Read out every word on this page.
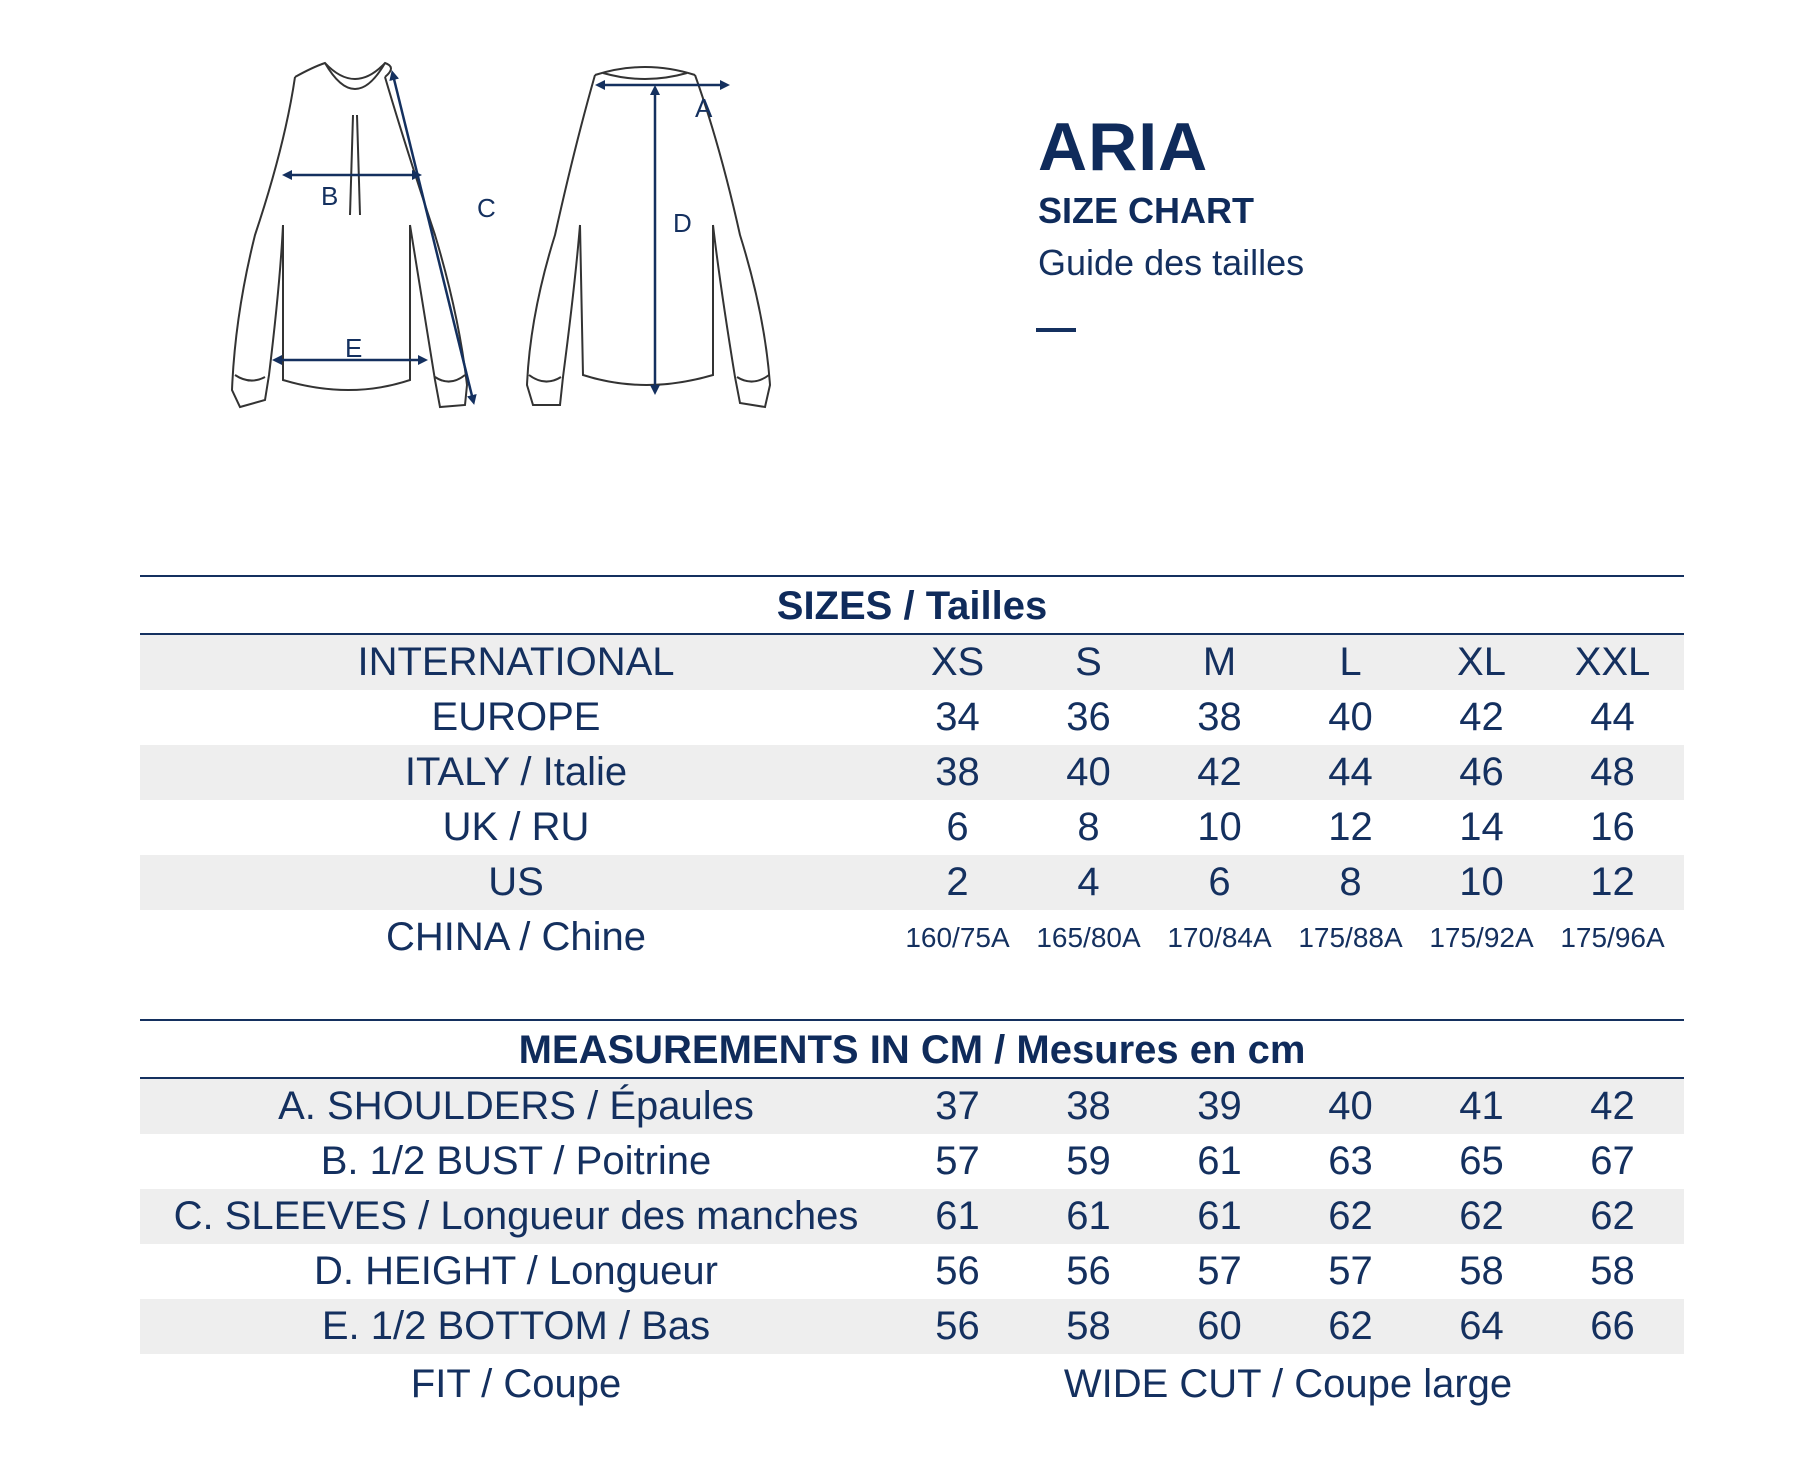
A
B	C	D
E
ARIA
SIZE CHART
Guide des tailles
SIZES / Tailles
INTERNATIONAL	XS	S	M	L	XL	XXL
EUROPE	34	36	38	40	42	44
ITALY / Italie	38	40	42	44	46	48
UK / RU	6	8	10	12	14	16
US	2	4	6	8	10	12
CHINA / Chine	160/75A 165/80A 170/84A 175/88A 175/92A 175/96A
MEASUREMENTS IN CM / Mesures en cm
A. SHOULDERS / Épaules	37	38	39	40	41	42
B. 1/2 BUST / Poitrine	57	59	61	63	65	67
C. SLEEVES / Longueur des manches	61	61	61	62	62	62
D. HEIGHT / Longueur	56	56	57	57	58	58
E. 1/2 BOTTOM / Bas	56	58	60	62	64	66
FIT / Coupe	WIDE CUT / Coupe large
